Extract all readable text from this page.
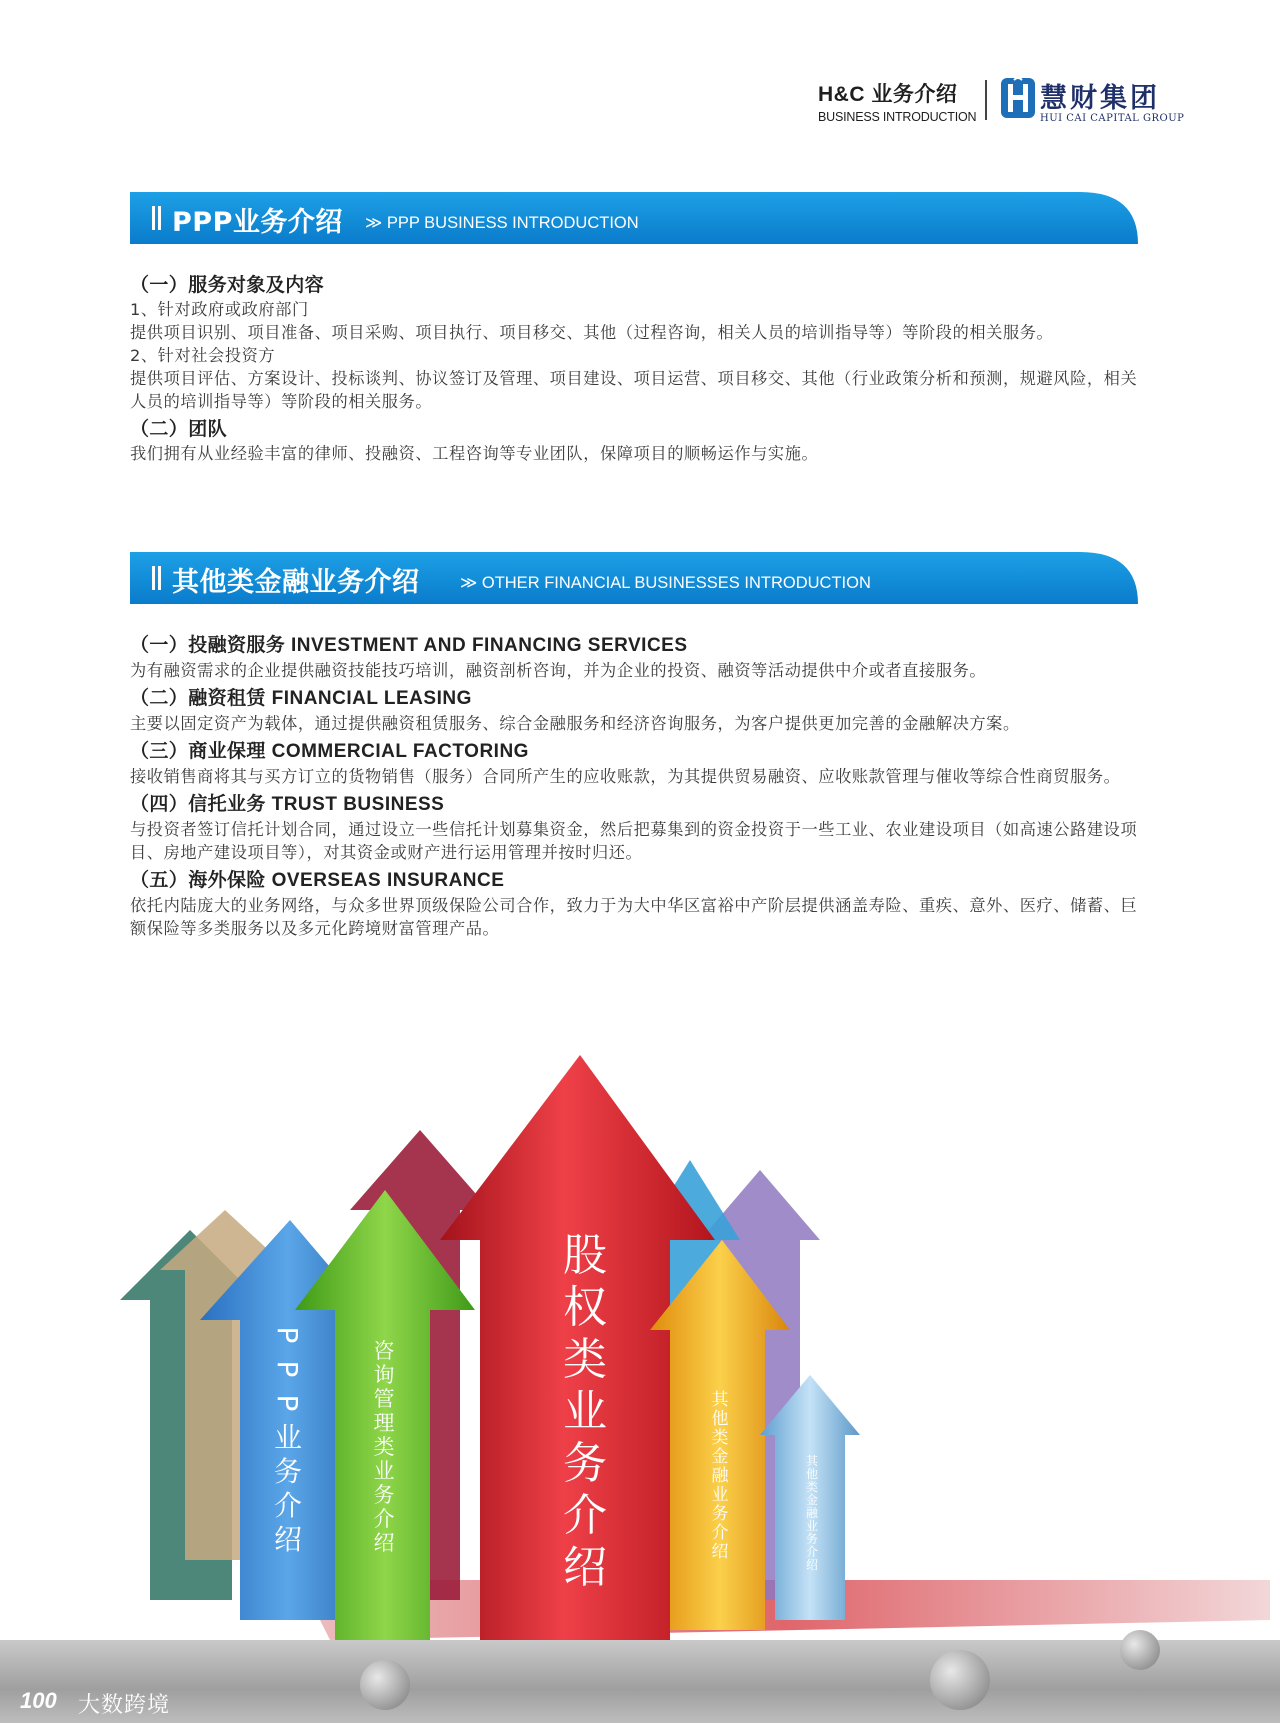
H&C 业务介绍
BUSINESS INTRODUCTION
慧财集团
HUI CAI CAPITAL GROUP
PPP业务介绍 ≫ PPP BUSINESS INTRODUCTION
（一）服务对象及内容
1、针对政府或政府部门
提供项目识别、项目准备、项目采购、项目执行、项目移交、其他（过程咨询，相关人员的培训指导等）等阶段的相关服务。
2、针对社会投资方
提供项目评估、方案设计、投标谈判、协议签订及管理、项目建设、项目运营、项目移交、其他（行业政策分析和预测，规避风险，相关人员的培训指导等）等阶段的相关服务。
（二）团队
我们拥有从业经验丰富的律师、投融资、工程咨询等专业团队，保障项目的顺畅运作与实施。
其他类金融业务介绍 ≫ OTHER FINANCIAL BUSINESSES INTRODUCTION
（一）投融资服务 INVESTMENT AND FINANCING SERVICES
为有融资需求的企业提供融资技能技巧培训，融资剖析咨询，并为企业的投资、融资等活动提供中介或者直接服务。
（二）融资租赁 FINANCIAL LEASING
主要以固定资产为载体，通过提供融资租赁服务、综合金融服务和经济咨询服务，为客户提供更加完善的金融解决方案。
（三）商业保理 COMMERCIAL FACTORING
接收销售商将其与买方订立的货物销售（服务）合同所产生的应收账款，为其提供贸易融资、应收账款管理与催收等综合性商贸服务。
（四）信托业务 TRUST BUSINESS
与投资者签订信托计划合同，通过设立一些信托计划募集资金，然后把募集到的资金投资于一些工业、农业建设项目（如高速公路建设项目、房地产建设项目等），对其资金或财产进行运用管理并按时归还。
（五）海外保险 OVERSEAS INSURANCE
依托内陆庞大的业务网络，与众多世界顶级保险公司合作，致力于为大中华区富裕中产阶层提供涵盖寿险、重疾、意外、医疗、储蓄、巨额保险等多类服务以及多元化跨境财富管理产品。
P
P
P
业
务
介
绍
咨
询
管
理
类
业
务
介
绍
股
权
类
业
务
介
绍
其
他
类
金
融
业
务
介
绍
其
他
类
金
融
业
务
介
绍
100 大数跨境
